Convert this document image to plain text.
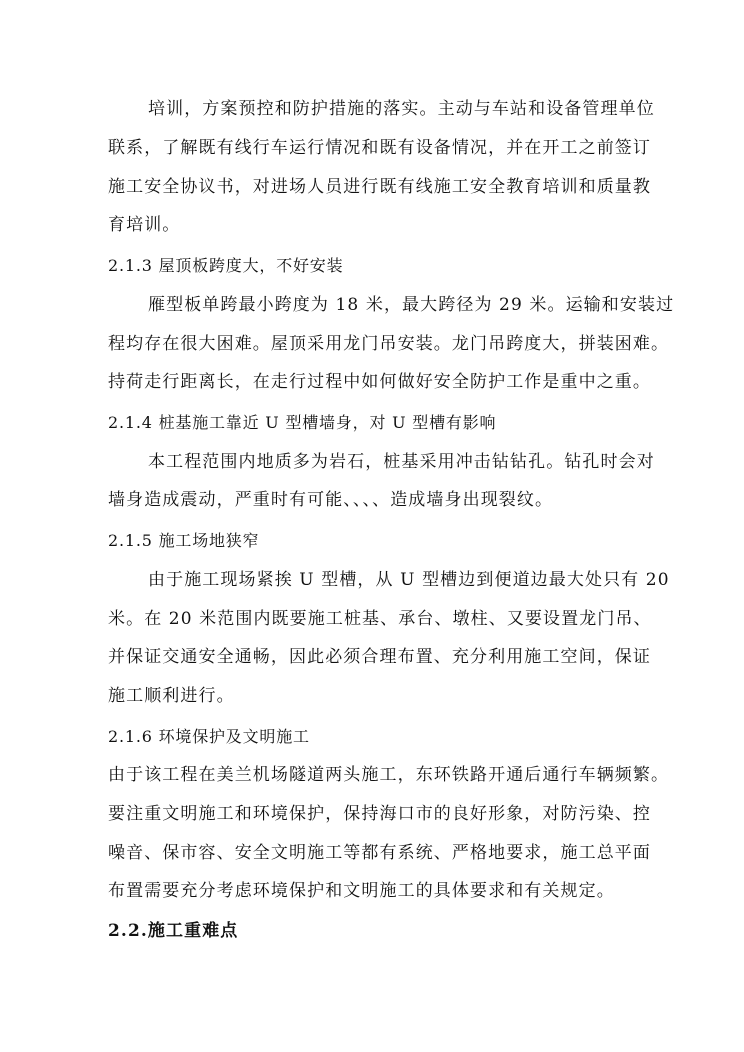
培训，方案预控和防护措施的落实。主动与车站和设备管理单位
联系，了解既有线行车运行情况和既有设备情况，并在开工之前签订
施工安全协议书，对进场人员进行既有线施工安全教育培训和质量教
育培训。
2.1.3 屋顶板跨度大，不好安装
雁型板单跨最小跨度为 18 米，最大跨径为 29 米。运输和安装过
程均存在很大困难。屋顶采用龙门吊安装。龙门吊跨度大，拼装困难。
持荷走行距离长，在走行过程中如何做好安全防护工作是重中之重。
2.1.4 桩基施工靠近 U 型槽墙身，对 U 型槽有影响
本工程范围内地质多为岩石，桩基采用冲击钻钻孔。钻孔时会对
墙身造成震动，严重时有可能、、、、造成墙身出现裂纹。
2.1.5 施工场地狭窄
由于施工现场紧挨 U 型槽，从 U 型槽边到便道边最大处只有 20
米。在 20 米范围内既要施工桩基、承台、墩柱、又要设置龙门吊、
并保证交通安全通畅，因此必须合理布置、充分利用施工空间，保证
施工顺利进行。
2.1.6 环境保护及文明施工
由于该工程在美兰机场隧道两头施工，东环铁路开通后通行车辆频繁。
要注重文明施工和环境保护，保持海口市的良好形象，对防污染、控
噪音、保市容、安全文明施工等都有系统、严格地要求，施工总平面
布置需要充分考虑环境保护和文明施工的具体要求和有关规定。
2.2.施工重难点
